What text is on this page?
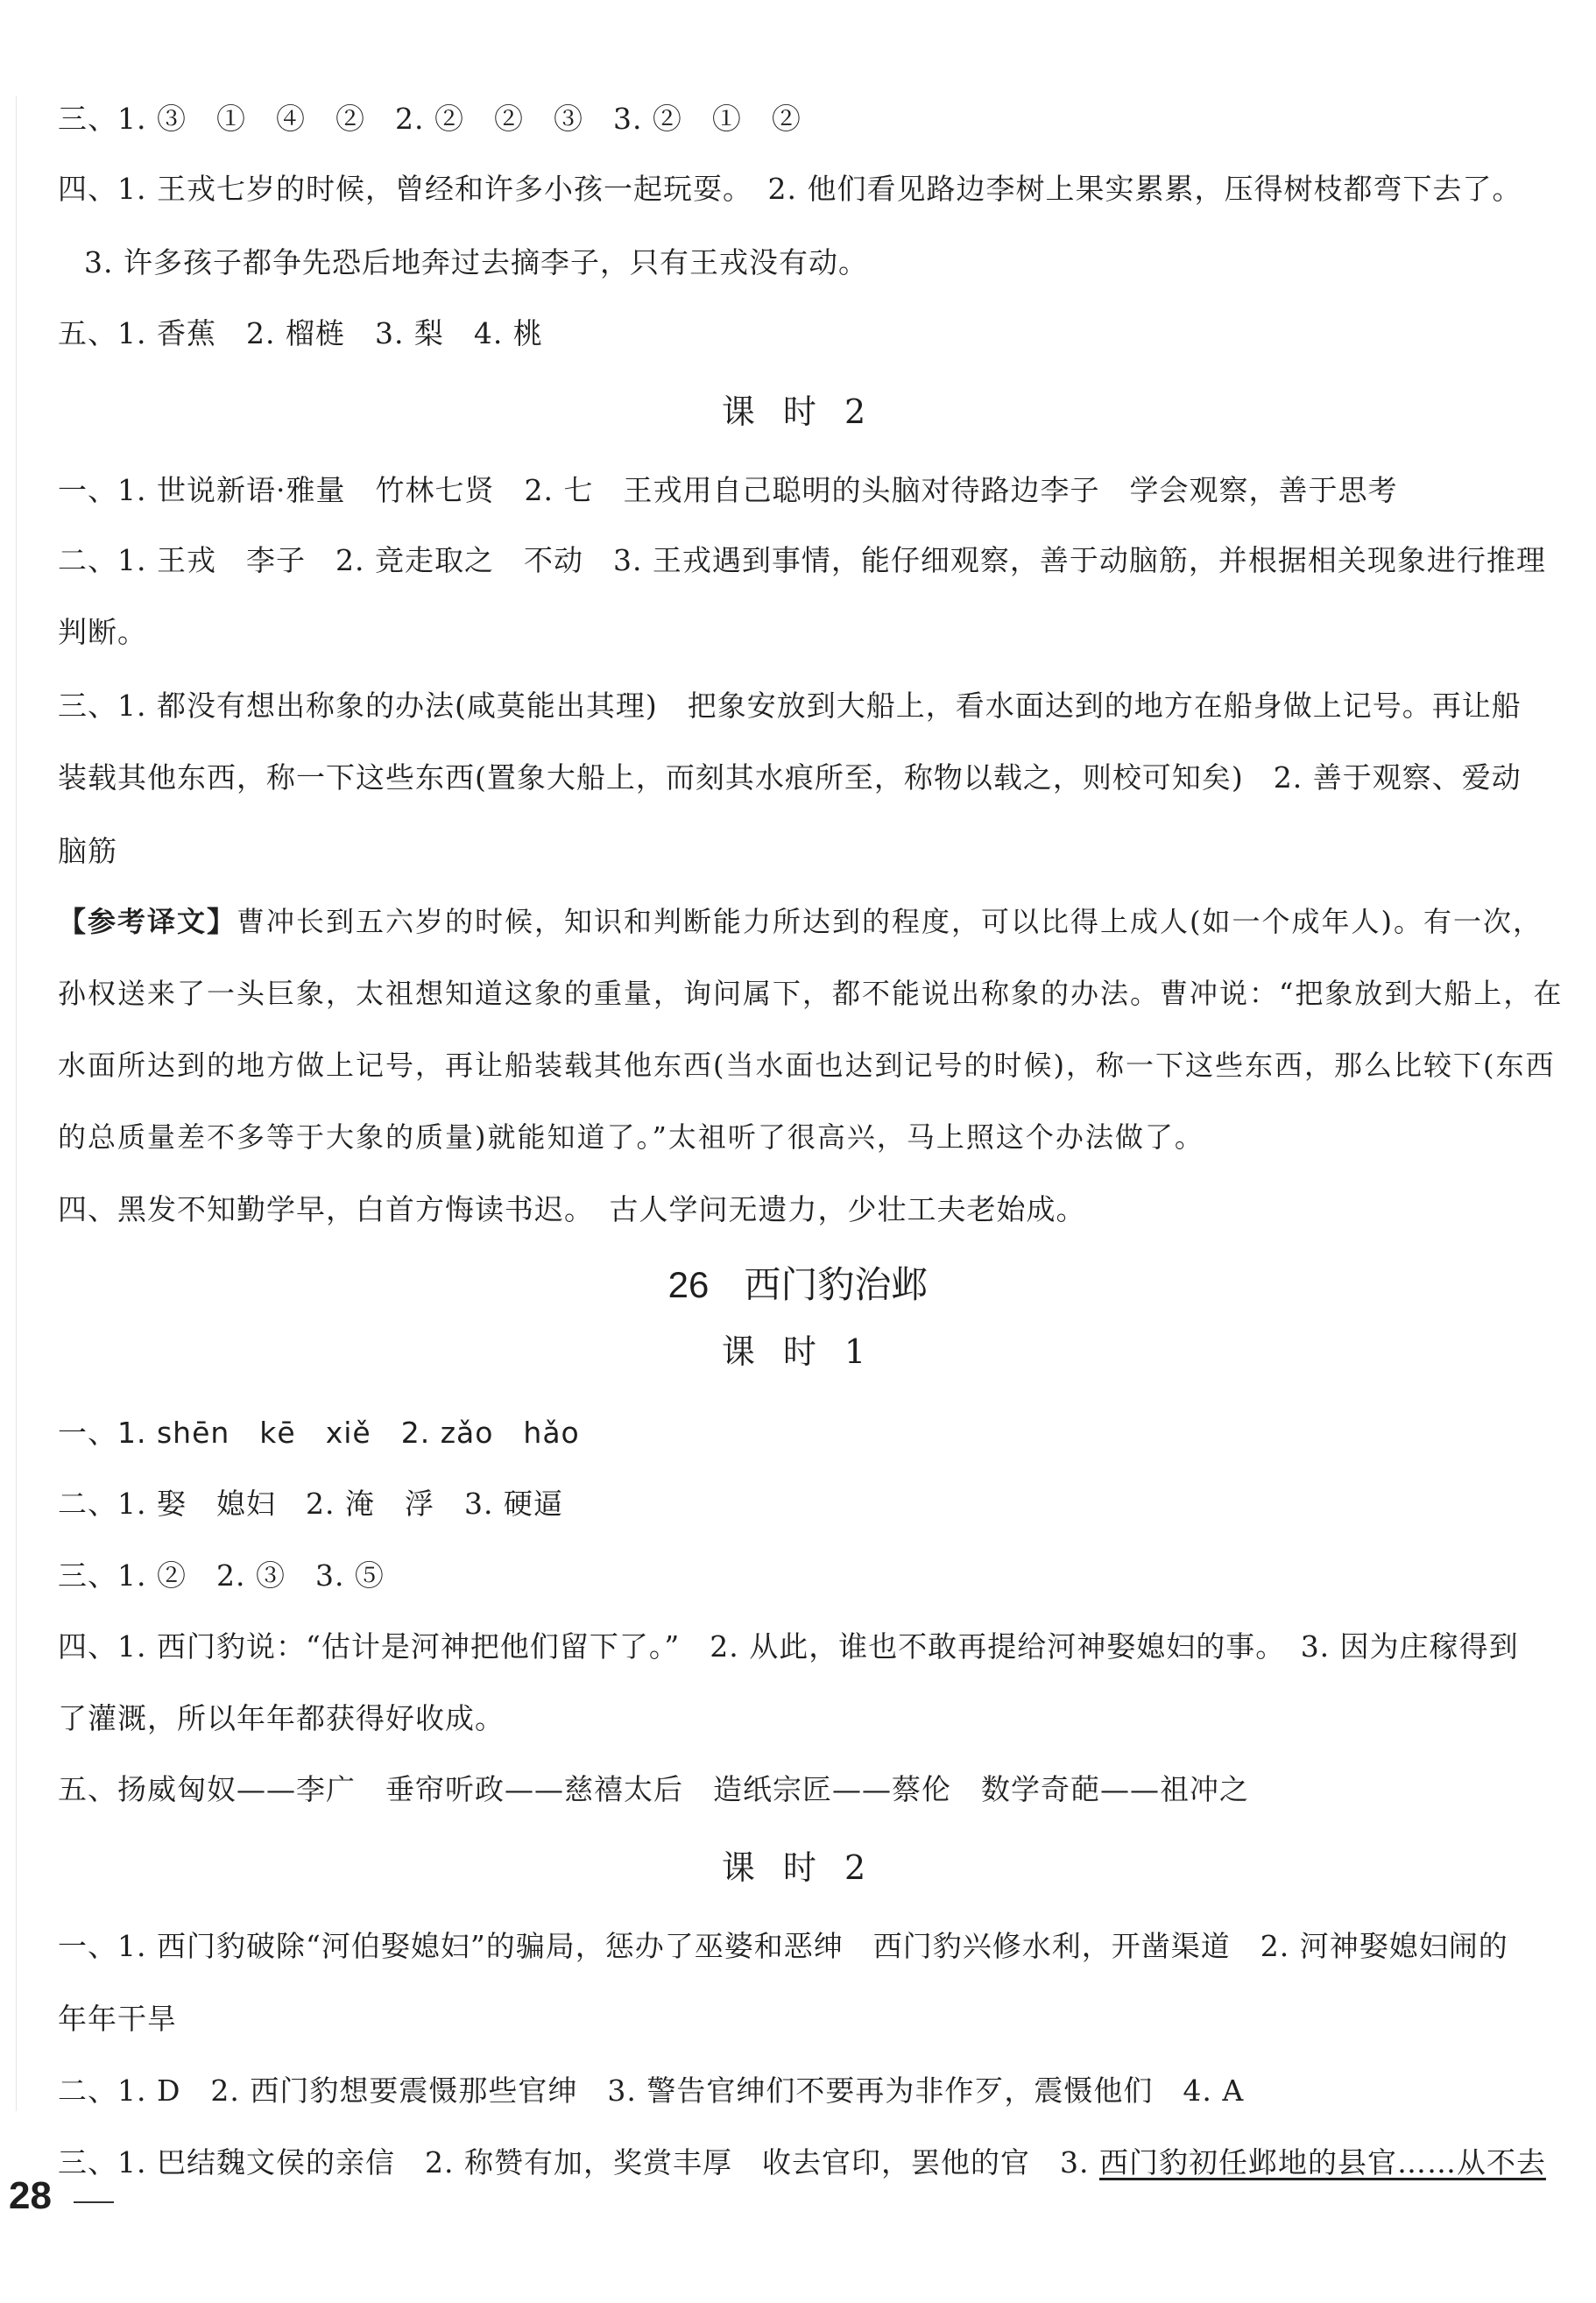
三、1. ③　①　④　②　2. ②　②　③　3. ②　①　②
四、1. 王戎七岁的时候，曾经和许多小孩一起玩耍。　2. 他们看见路边李树上果实累累，压得树枝都弯下去了。
3. 许多孩子都争先恐后地奔过去摘李子，只有王戎没有动。
五、1. 香蕉　2. 榴梿　3. 梨　4. 桃
课 时 2
一、1. 世说新语·雅量　竹林七贤　2. 七　王戎用自己聪明的头脑对待路边李子　学会观察，善于思考
二、1. 王戎　李子　2. 竞走取之　不动　3. 王戎遇到事情，能仔细观察，善于动脑筋，并根据相关现象进行推理
判断。
三、1. 都没有想出称象的办法(咸莫能出其理)　把象安放到大船上，看水面达到的地方在船身做上记号。再让船
装载其他东西，称一下这些东西(置象大船上，而刻其水痕所至，称物以载之，则校可知矣)　2. 善于观察、爱动
脑筋
【参考译文】曹冲长到五六岁的时候，知识和判断能力所达到的程度，可以比得上成人(如一个成年人)。有一次，
孙权送来了一头巨象，太祖想知道这象的重量，询问属下，都不能说出称象的办法。曹冲说：“把象放到大船上，在
水面所达到的地方做上记号，再让船装载其他东西(当水面也达到记号的时候)，称一下这些东西，那么比较下(东西
的总质量差不多等于大象的质量)就能知道了。”太祖听了很高兴，马上照这个办法做了。
四、黑发不知勤学早，白首方悔读书迟。　古人学问无遗力，少壮工夫老始成。
26 西门豹治邺
课 时 1
一、1. shēn　kē　xiě　2. zǎo　hǎo
二、1. 娶　媳妇　2. 淹　浮　3. 硬逼
三、1. ②　2. ③　3. ⑤
四、1. 西门豹说：“估计是河神把他们留下了。”　2. 从此，谁也不敢再提给河神娶媳妇的事。　3. 因为庄稼得到
了灌溉，所以年年都获得好收成。
五、扬威匈奴——李广　垂帘听政——慈禧太后　造纸宗匠——蔡伦　数学奇葩——祖冲之
课 时 2
一、1. 西门豹破除“河伯娶媳妇”的骗局，惩办了巫婆和恶绅　西门豹兴修水利，开凿渠道　2. 河神娶媳妇闹的
年年干旱
二、1. D　2. 西门豹想要震慑那些官绅　3. 警告官绅们不要再为非作歹，震慑他们　4. A
三、1. 巴结魏文侯的亲信　2. 称赞有加，奖赏丰厚　收去官印，罢他的官　3. 西门豹初任邺地的县官……从不去
28
